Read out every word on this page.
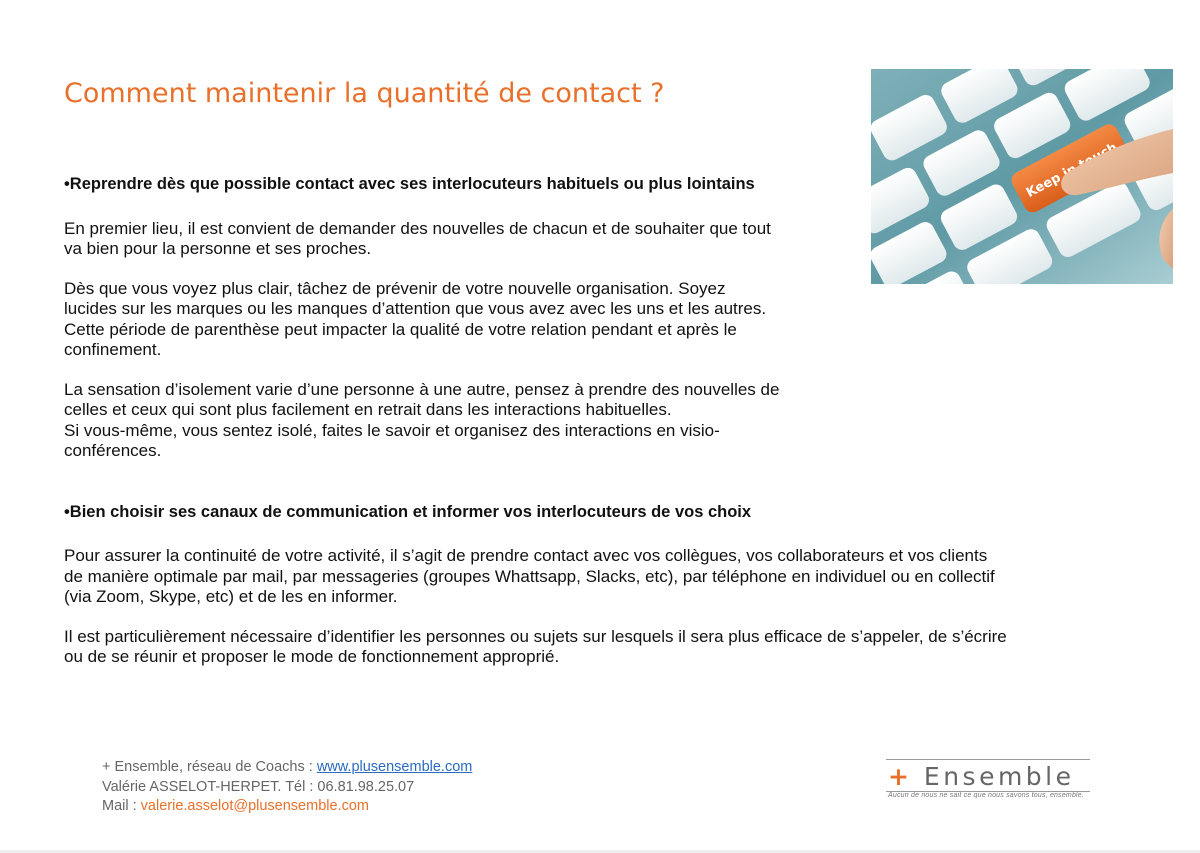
Comment maintenir la quantité de contact ?
Keep

•Reprendre dès que possible contact avec ses interlocuteurs habituels ou plus lointains

En premier lieu, il est convient de demander des nouvelles de chacun et de souhaiter que tout
va bien pour la personne et ses proches.

Dès que vous voyez plus clair, tâchez de prévenir de votre nouvelle organisation. Soyez
lucides sur les marques ou les manques d’attention que vous avez avec les uns et les autres.
Cette période de parenthèse peut impacter la qualité de votre relation pendant et après le
confinement.

La sensation d’isolement varie d’une personne à une autre, pensez à prendre des nouvelles de
celles et ceux qui sont plus facilement en retrait dans les interactions habituelles.
Si vous-même, vous sentez isolé, faites le savoir et organisez des interactions en visio-
conférences.

•Bien choisir ses canaux de communication et informer vos interlocuteurs de vos choix

Pour assurer la continuité de votre activité, il s’agit de prendre contact avec vos collègues, vos collaborateurs et vos clients
de manière optimale par mail, par messageries (groupes Whattsapp, Slacks, etc), par téléphone en individuel ou en collectif
(via Zoom, Skype, etc) et de les en informer.

Il est particulièrement nécessaire d’identifier les personnes ou sujets sur lesquels il sera plus efficace de s’appeler, de s’écrire
ou de se réunir et proposer le mode de fonctionnement approprié.

+ Ensemble, réseau de Coachs : www.plusensemble.com
Valérie ASSELOT-HERPET. Tél : 06.81.98.25.07
Mail : valerie.asselot@plusensemble.com
+ Ensemble
Aucun de nous ne sait ce que nous savons tous, ensemble.
